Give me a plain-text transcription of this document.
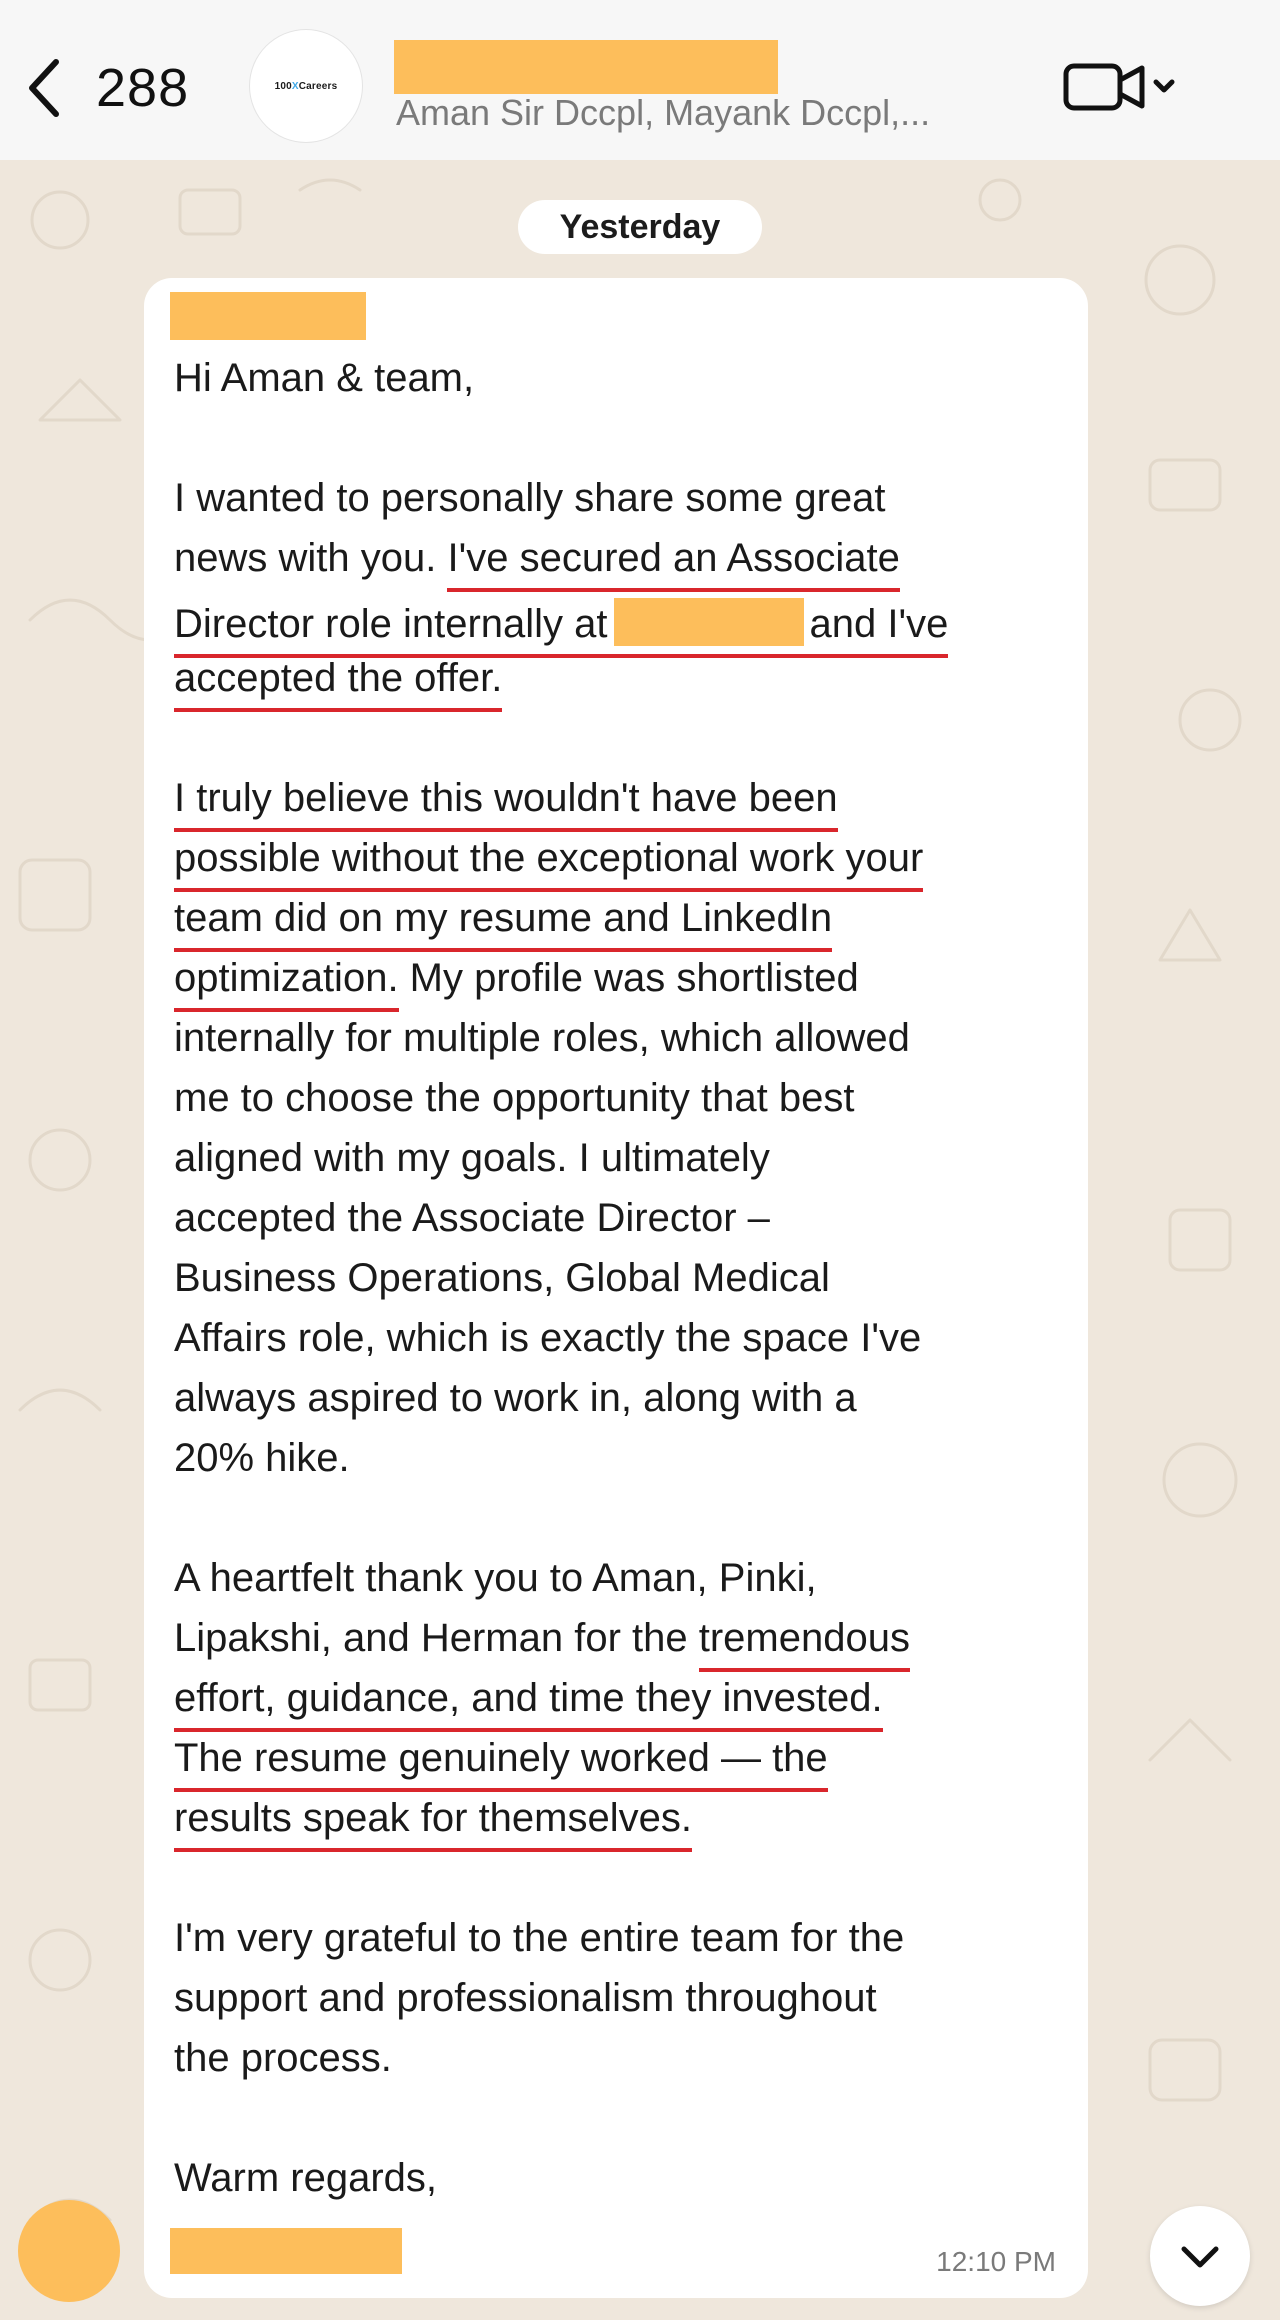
288	100XCareers
Aman Sir Dccpl, Mayank Dccpl,...
Yesterday
Hi Aman & team,
I wanted to personally share some great
news with you. I've secured an Associate
Director role internally at	and I've
accepted the offer.
I truly believe this wouldn't have been
possible without the exceptional work your
team did on my resume and LinkedIn
optimization. My profile was shortlisted
internally for multiple roles, which allowed
me to choose the opportunity that best
aligned with my goals. I ultimately
accepted the Associate Director –
Business Operations, Global Medical
Affairs role, which is exactly the space I've
always aspired to work in, along with a
20% hike.
A heartfelt thank you to Aman, Pinki,
Lipakshi, and Herman for the tremendous
effort, guidance, and time they invested.
The resume genuinely worked — the
results speak for themselves.
I'm very grateful to the entire team for the
support and professionalism throughout
the process.
Warm regards,
12:10 PM
